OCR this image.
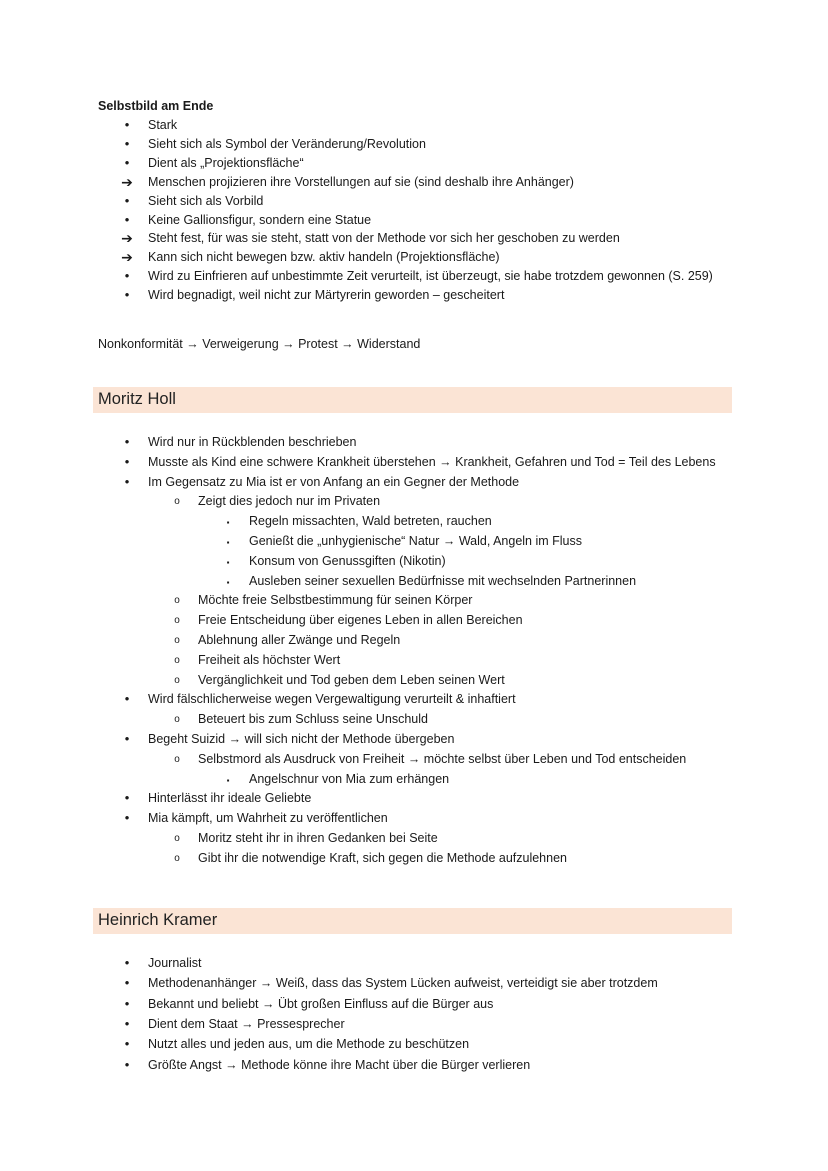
Selbstbild am Ende
•	Stark
•	Sieht sich als Symbol der Veränderung/Revolution
•	Dient als „Projektionsfläche“
➔ Menschen projizieren ihre Vorstellungen auf sie (sind deshalb ihre Anhänger)
•	Sieht sich als Vorbild
•	Keine Gallionsfigur, sondern eine Statue
➔ Steht fest, für was sie steht, statt von der Methode vor sich her geschoben zu werden
➔ Kann sich nicht bewegen bzw. aktiv handeln (Projektionsfläche)
•	Wird zu Einfrieren auf unbestimmte Zeit verurteilt, ist überzeugt, sie habe trotzdem gewonnen (S. 259)
•	Wird begnadigt, weil nicht zur Märtyrerin geworden – gescheitert
Nonkonformität → Verweigerung → Protest → Widerstand
Moritz Holl
•	Wird nur in Rückblenden beschrieben
•	Musste als Kind eine schwere Krankheit überstehen → Krankheit, Gefahren und Tod = Teil des Lebens
•	Im Gegensatz zu Mia ist er von Anfang an ein Gegner der Methode
o	Zeigt dies jedoch nur im Privaten
▪	Regeln missachten, Wald betreten, rauchen
▪	Genießt die „unhygienische“ Natur → Wald, Angeln im Fluss
▪	Konsum von Genussgiften (Nikotin)
▪	Ausleben seiner sexuellen Bedürfnisse mit wechselnden Partnerinnen
o	Möchte freie Selbstbestimmung für seinen Körper
o	Freie Entscheidung über eigenes Leben in allen Bereichen
o	Ablehnung aller Zwänge und Regeln
o	Freiheit als höchster Wert
o	Vergänglichkeit und Tod geben dem Leben seinen Wert
•	Wird fälschlicherweise wegen Vergewaltigung verurteilt & inhaftiert
o	Beteuert bis zum Schluss seine Unschuld
•	Begeht Suizid → will sich nicht der Methode übergeben
o	Selbstmord als Ausdruck von Freiheit → möchte selbst über Leben und Tod entscheiden
▪	Angelschnur von Mia zum erhängen
•	Hinterlässt ihr ideale Geliebte
•	Mia kämpft, um Wahrheit zu veröffentlichen
o	Moritz steht ihr in ihren Gedanken bei Seite
o	Gibt ihr die notwendige Kraft, sich gegen die Methode aufzulehnen
Heinrich Kramer
•	Journalist
•	Methodenanhänger → Weiß, dass das System Lücken aufweist, verteidigt sie aber trotzdem
•	Bekannt und beliebt → Übt großen Einfluss auf die Bürger aus
•	Dient dem Staat → Pressesprecher
•	Nutzt alles und jeden aus, um die Methode zu beschützen
•	Größte Angst → Methode könne ihre Macht über die Bürger verlieren
